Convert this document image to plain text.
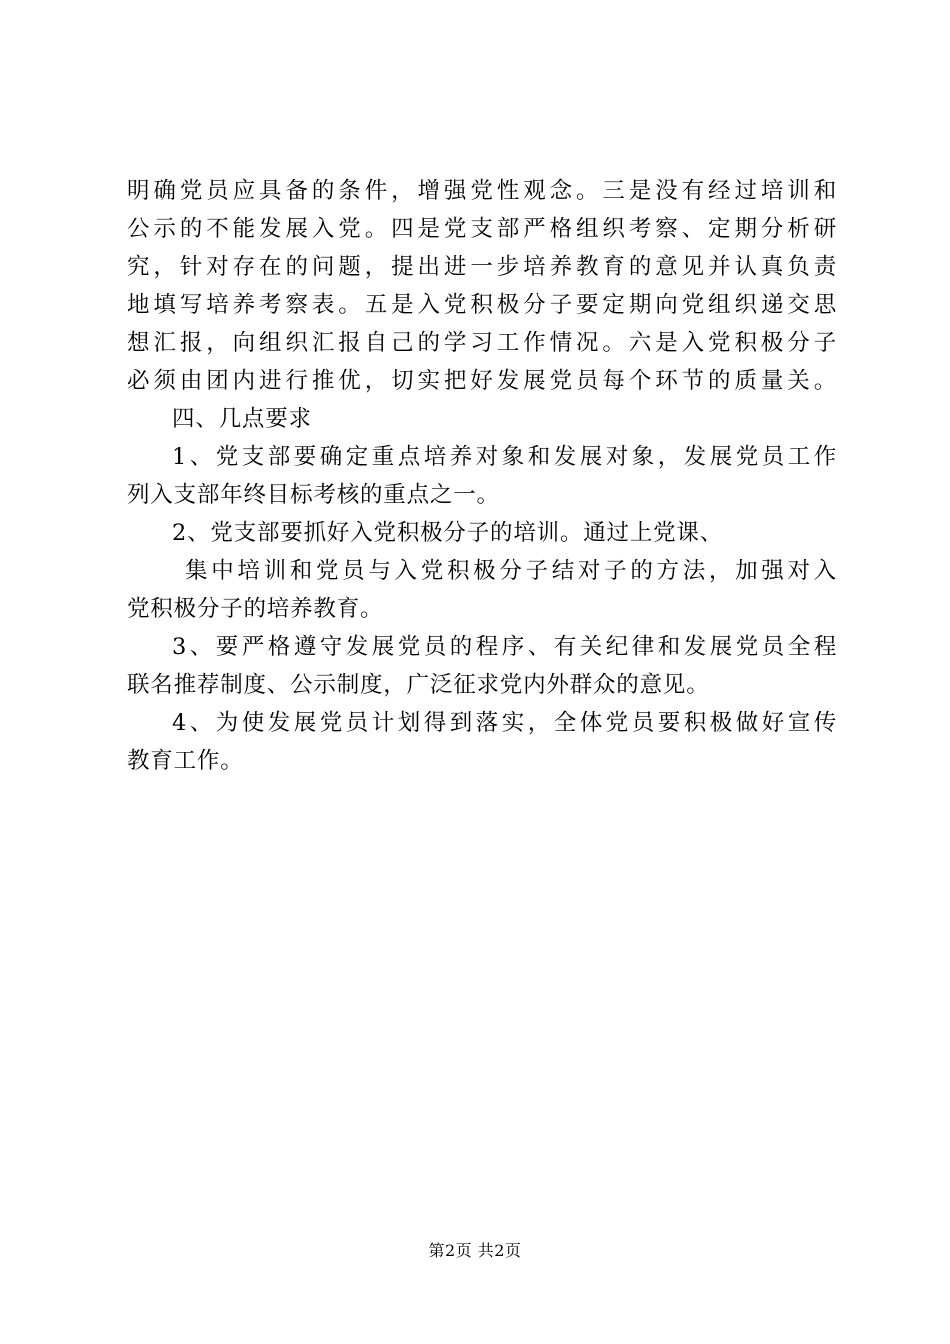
明确党员应具备的条件，增强党性观念。三是没有经过培训和
公示的不能发展入党。四是党支部严格组织考察、定期分析研
究，针对存在的问题，提出进一步培养教育的意见并认真负责
地填写培养考察表。五是入党积极分子要定期向党组织递交思
想汇报，向组织汇报自己的学习工作情况。六是入党积极分子
必须由团内进行推优，切实把好发展党员每个环节的质量关。
四、几点要求
1、党支部要确定重点培养对象和发展对象，发展党员工作
列入支部年终目标考核的重点之一。
2、党支部要抓好入党积极分子的培训。通过上党课、
集中培训和党员与入党积极分子结对子的方法，加强对入
党积极分子的培养教育。
3、要严格遵守发展党员的程序、有关纪律和发展党员全程
联名推荐制度、公示制度，广泛征求党内外群众的意见。
4、为使发展党员计划得到落实，全体党员要积极做好宣传
教育工作。
第2页 共2页
